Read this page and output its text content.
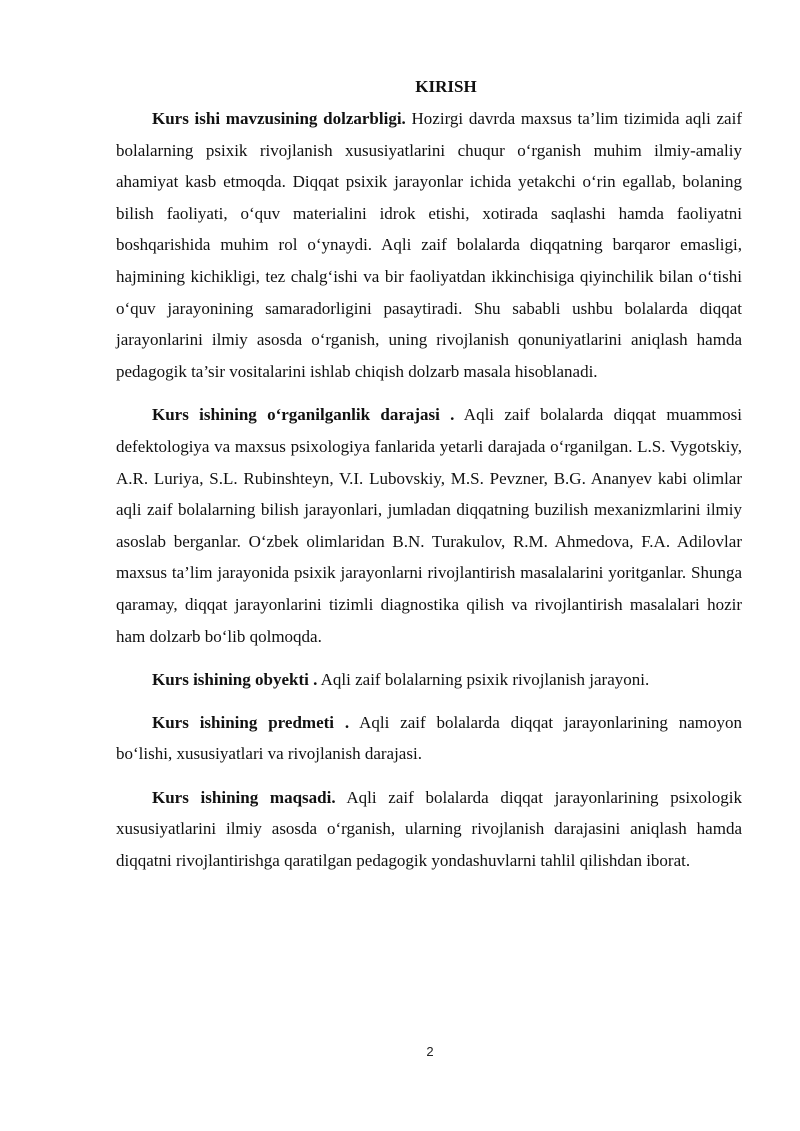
KIRISH

Kurs ishi mavzusining dolzarbligi. Hozirgi davrda maxsus ta’lim tizimida aqli zaif bolalarning psixik rivojlanish xususiyatlarini chuqur o‘rganish muhim ilmiy-amaliy ahamiyat kasb etmoqda. Diqqat psixik jarayonlar ichida yetakchi o‘rin egallab, bolaning bilish faoliyati, o‘quv materialini idrok etishi, xotirada saqlashi hamda faoliyatni boshqarishida muhim rol o‘ynaydi. Aqli zaif bolalarda diqqatning barqaror emasligi, hajmining kichikligi, tez chalg‘ishi va bir faoliyatdan ikkinchisiga qiyinchilik bilan o‘tishi o‘quv jarayonining samaradorligini pasaytiradi. Shu sababli ushbu bolalarda diqqat jarayonlarini ilmiy asosda o‘rganish, uning rivojlanish qonuniyatlarini aniqlash hamda pedagogik ta’sir vositalarini ishlab chiqish dolzarb masala hisoblanadi.

Kurs ishining o‘rganilganlik darajasi . Aqli zaif bolalarda diqqat muammosi defektologiya va maxsus psixologiya fanlarida yetarli darajada o‘rganilgan. L.S. Vygotskiy, A.R. Luriya, S.L. Rubinshteyn, V.I. Lubovskiy, M.S. Pevzner, B.G. Ananyev kabi olimlar aqli zaif bolalarning bilish jarayonlari, jumladan diqqatning buzilish mexanizmlarini ilmiy asoslab berganlar. O‘zbek olimlaridan B.N. Turakulov, R.M. Ahmedova, F.A. Adilovlar maxsus ta’lim jarayonida psixik jarayonlarni rivojlantirish masalalarini yoritganlar. Shunga qaramay, diqqat jarayonlarini tizimli diagnostika qilish va rivojlantirish masalalari hozir ham dolzarb bo‘lib qolmoqda.

Kurs ishining obyekti . Aqli zaif bolalarning psixik rivojlanish jarayoni.

Kurs ishining predmeti . Aqli zaif bolalarda diqqat jarayonlarining namoyon bo‘lishi, xususiyatlari va rivojlanish darajasi.

Kurs ishining maqsadi. Aqli zaif bolalarda diqqat jarayonlarining psixologik xususiyatlarini ilmiy asosda o‘rganish, ularning rivojlanish darajasini aniqlash hamda diqqatni rivojlantirishga qaratilgan pedagogik yondashuvlarni tahlil qilishdan iborat.

2
